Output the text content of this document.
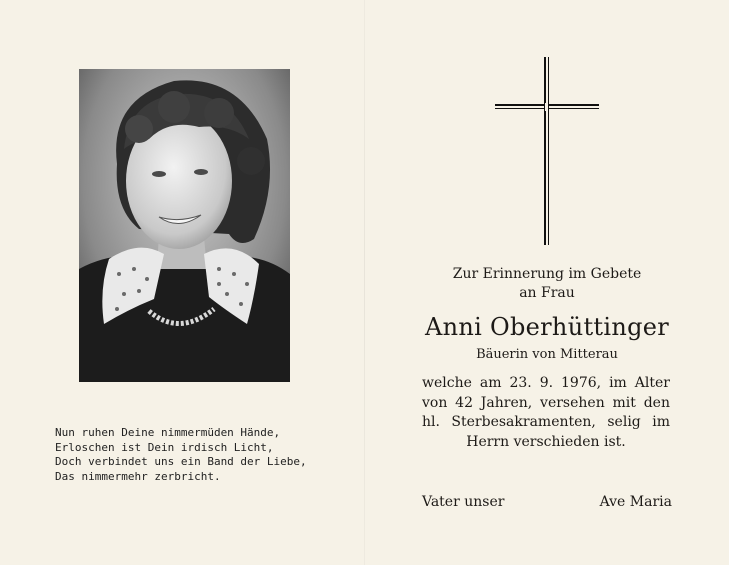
Nun ruhen Deine nimmermüden Hände,
Erloschen ist Dein irdisch Licht,
Doch verbindet uns ein Band der Liebe,
Das nimmermehr zerbricht.
Zur Erinnerung im Gebete
an Frau
Anni Oberhüttinger
Bäuerin von Mitterau
welche am 23. 9. 1976, im Alter von 42 Jahren, versehen mit den hl. Sterbesakramenten, selig im Herrn verschieden ist.
Vater unser	Ave Maria
